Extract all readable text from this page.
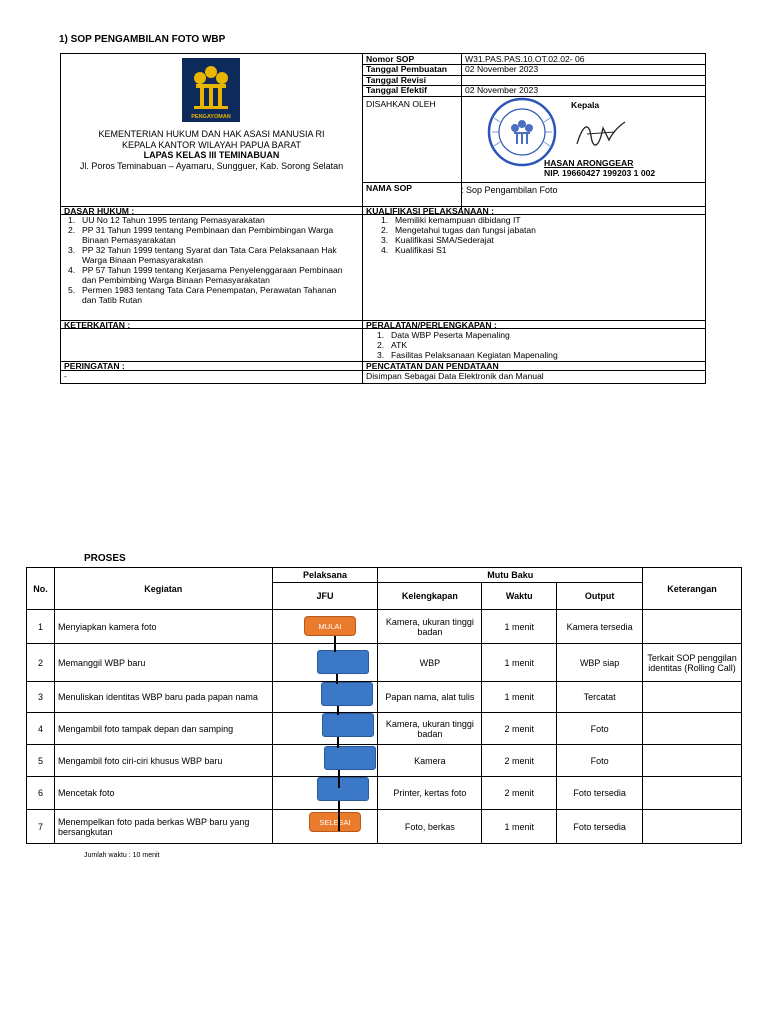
1) SOP PENGAMBILAN FOTO WBP
PENGAYOMAN
KEMENTERIAN HUKUM DAN HAK ASASI MANUSIA RI
KEPALA KANTOR WILAYAH PAPUA BARAT
LAPAS KELAS III TEMINABUAN
Jl. Poros Teminabuan – Ayamaru, Sungguer, Kab. Sorong Selatan
Nomor SOP	W31.PAS.PAS.10.OT.02.02- 06
Tanggal Pembuatan 02 November 2023
Tanggal Revisi
Tanggal Efektif	02 November 2023
DISAHKAN OLEH	Kepala
HASAN ARONGGEAR
NIP. 19660427 199203 1 002
NAMA SOP	: Sop Pengambilan Foto
DASAR HUKUM :
1. UU No 12 Tahun 1995 tentang Pemasyarakatan
2. PP 31 Tahun 1999 tentang Pembinaan dan Pembimbingan Warga Binaan Pemasyarakatan
3. PP 32 Tahun 1999 tentang Syarat dan Tata Cara Pelaksanaan Hak Warga Binaan Pemasyarakatan
4. PP 57 Tahun 1999 tentang Kerjasama Penyelenggaraan Pembinaan dan Pembimbing Warga Binaan Pemasyarakatan
5. Permen 1983 tentang Tata Cara Penempatan, Perawatan Tahanan dan Tatib Rutan
KUALIFIKASI PELAKSANAAN :
1. Memiliki kemampuan dibidang IT
2. Mengetahui tugas dan fungsi jabatan
3. Kualifikasi SMA/Sederajat
4. Kualifikasi S1
KETERKAITAN :	PERALATAN/PERLENGKAPAN :
1. Data WBP Peserta Mapenaling
2. ATK
3. Fasilitas Pelaksanaan Kegiatan Mapenaling
PERINGATAN :
-
PENCATATAN DAN PENDATAAN
Disimpan Sebagai Data Elektronik dan Manual
PROSES
No.	Kegiatan	Pelaksana	Mutu Baku			Keterangan
		JFU	Kelengkapan	Waktu	Output	
1	Menyiapkan kamera foto		Kamera, ukuran tinggi badan	1 menit	Kamera tersedia	
2	Memanggil WBP baru		WBP	1 menit	WBP siap	Terkait SOP penggilan identitas (Rolling Call)
3	Menuliskan identitas WBP baru pada papan nama		Papan nama, alat tulis	1 menit	Tercatat	
4	Mengambil foto tampak depan dan samping		Kamera, ukuran tinggi badan	2 menit	Foto	
5	Mengambil foto ciri-ciri khusus WBP baru		Kamera	2 menit	Foto	
6	Mencetak foto		Printer, kertas foto	2 menit	Foto tersedia	
7	Menempelkan foto pada berkas WBP baru yang bersangkutan		Foto, berkas	1 menit	Foto tersedia	
MULAI
SELESAI
Jumlah waktu : 10 menit
